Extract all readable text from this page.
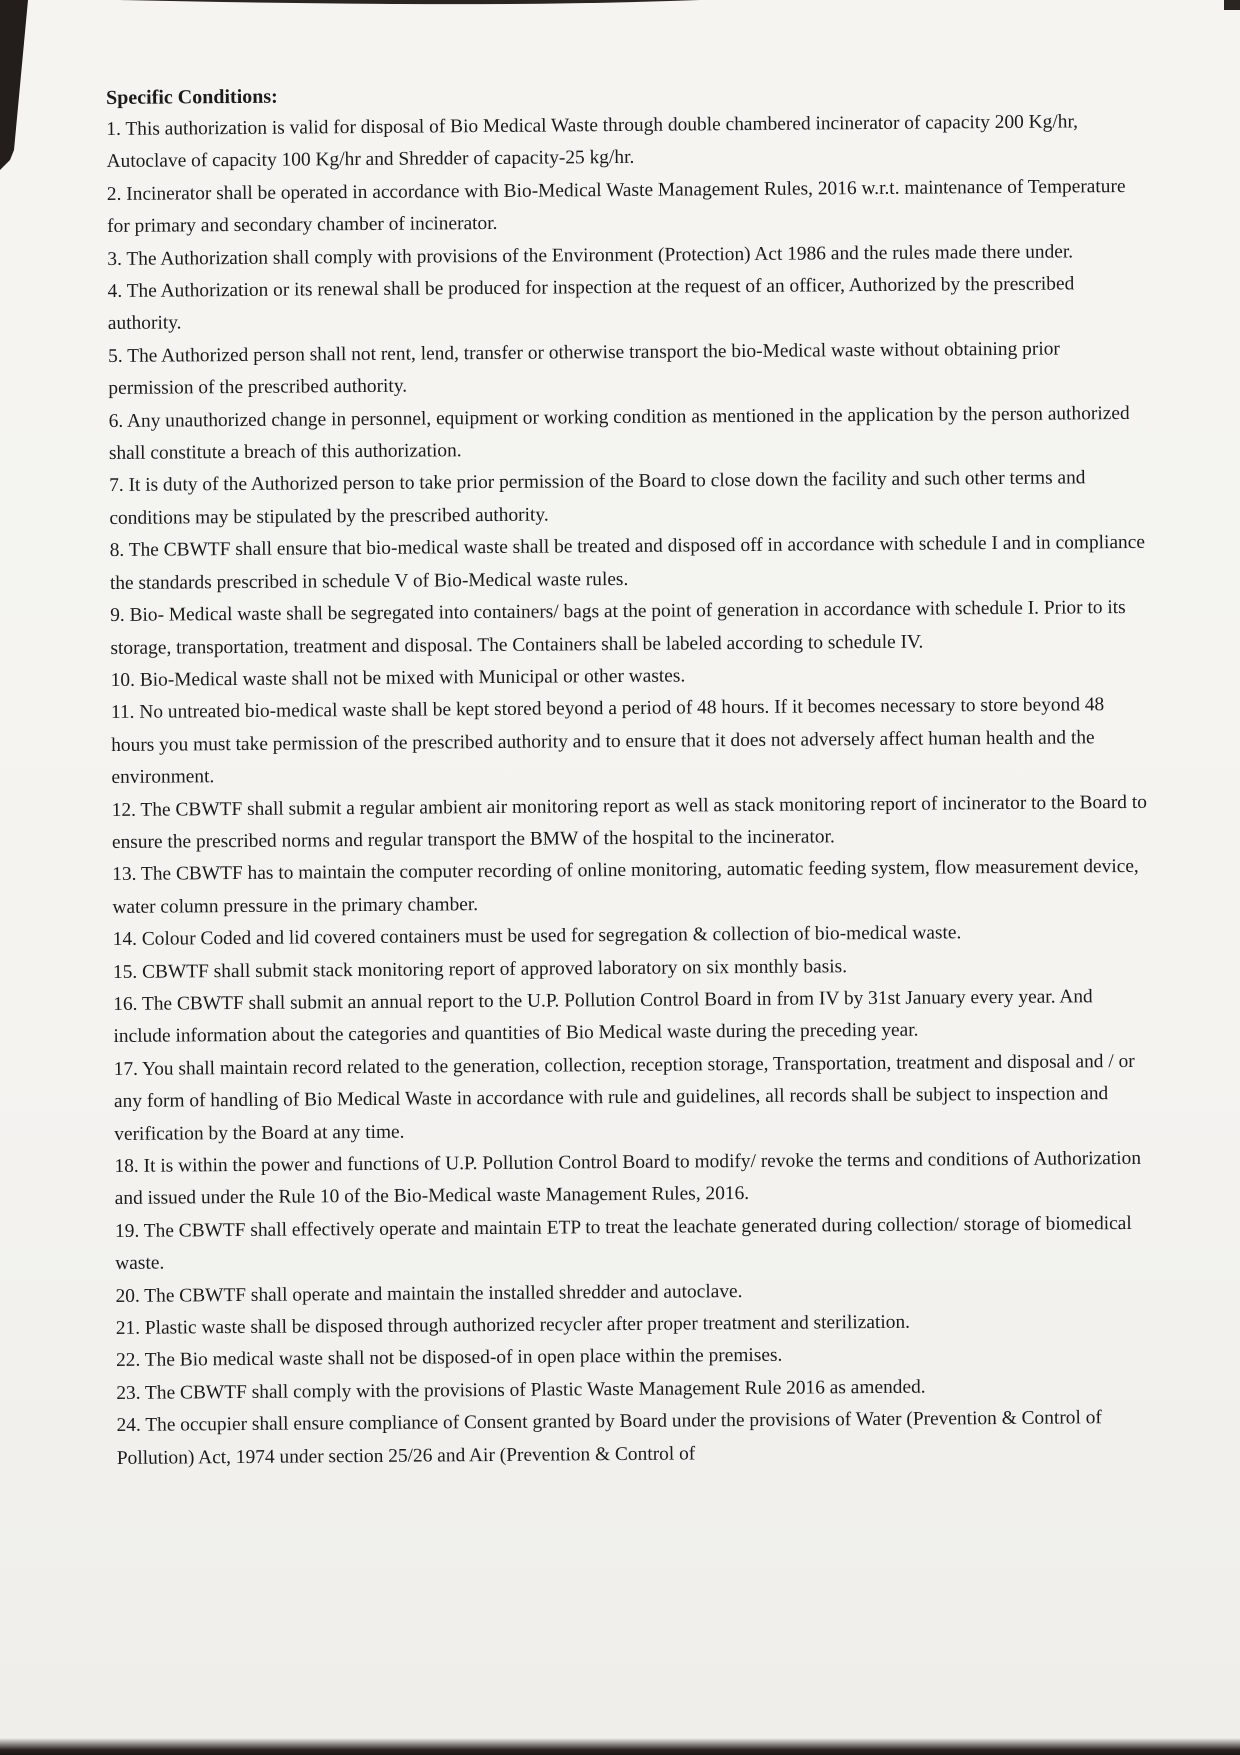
Specific Conditions:
1. This authorization is valid for disposal of Bio Medical Waste through double chambered incinerator of capacity 200 Kg/hr, Autoclave of capacity 100 Kg/hr and Shredder of capacity-25 kg/hr.
2. Incinerator shall be operated in accordance with Bio-Medical Waste Management Rules, 2016 w.r.t. maintenance of Temperature for primary and secondary chamber of incinerator.
3. The Authorization shall comply with provisions of the Environment (Protection) Act 1986 and the rules made there under.
4. The Authorization or its renewal shall be produced for inspection at the request of an officer, Authorized by the prescribed authority.
5. The Authorized person shall not rent, lend, transfer or otherwise transport the bio-Medical waste without obtaining prior permission of the prescribed authority.
6. Any unauthorized change in personnel, equipment or working condition as mentioned in the application by the person authorized shall constitute a breach of this authorization.
7. It is duty of the Authorized person to take prior permission of the Board to close down the facility and such other terms and conditions may be stipulated by the prescribed authority.
8. The CBWTF shall ensure that bio-medical waste shall be treated and disposed off in accordance with schedule I and in compliance the standards prescribed in schedule V of Bio-Medical waste rules.
9. Bio- Medical waste shall be segregated into containers/ bags at the point of generation in accordance with schedule I. Prior to its storage, transportation, treatment and disposal. The Containers shall be labeled according to schedule IV.
10. Bio-Medical waste shall not be mixed with Municipal or other wastes.
11. No untreated bio-medical waste shall be kept stored beyond a period of 48 hours. If it becomes necessary to store beyond 48 hours you must take permission of the prescribed authority and to ensure that it does not adversely affect human health and the environment.
12. The CBWTF shall submit a regular ambient air monitoring report as well as stack monitoring report of incinerator to the Board to ensure the prescribed norms and regular transport the BMW of the hospital to the incinerator.
13. The CBWTF has to maintain the computer recording of online monitoring, automatic feeding system, flow measurement device, water column pressure in the primary chamber.
14. Colour Coded and lid covered containers must be used for segregation & collection of bio-medical waste.
15. CBWTF shall submit stack monitoring report of approved laboratory on six monthly basis.
16. The CBWTF shall submit an annual report to the U.P. Pollution Control Board in from IV by 31st January every year. And include information about the categories and quantities of Bio Medical waste during the preceding year.
17. You shall maintain record related to the generation, collection, reception storage, Transportation, treatment and disposal and / or any form of handling of Bio Medical Waste in accordance with rule and guidelines, all records shall be subject to inspection and verification by the Board at any time.
18. It is within the power and functions of U.P. Pollution Control Board to modify/ revoke the terms and conditions of Authorization and issued under the Rule 10 of the Bio-Medical waste Management Rules, 2016.
19. The CBWTF shall effectively operate and maintain ETP to treat the leachate generated during collection/ storage of biomedical waste.
20. The CBWTF shall operate and maintain the installed shredder and autoclave.
21. Plastic waste shall be disposed through authorized recycler after proper treatment and sterilization.
22. The Bio medical waste shall not be disposed-of in open place within the premises.
23. The CBWTF shall comply with the provisions of Plastic Waste Management Rule 2016 as amended.
24. The occupier shall ensure compliance of Consent granted by Board under the provisions of Water (Prevention & Control of Pollution) Act, 1974 under section 25/26 and Air (Prevention & Control of
